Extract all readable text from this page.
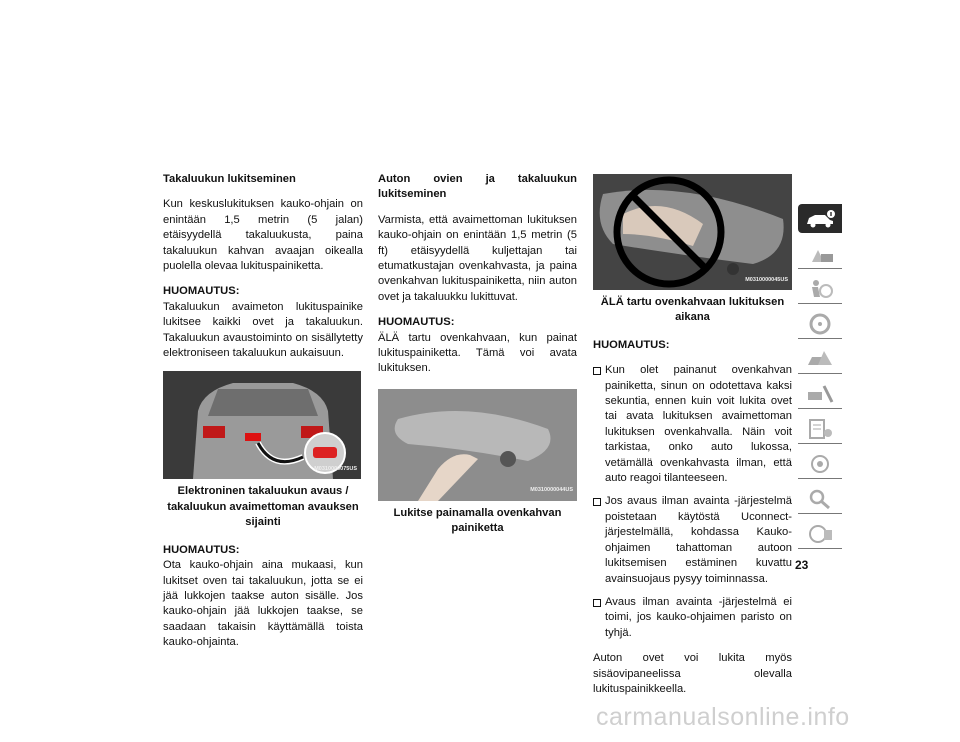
Takaluukun lukitseminen

Kun keskuslukituksen kauko-ohjain on enintään 1,5 metrin (5 jalan) etäisyydellä takaluukusta, paina takaluukun kahvan avaajan oikealla puolella olevaa lukituspainiketta.

HUOMAUTUS:
Takaluukun avaimeton lukituspainike lukitsee kaikki ovet ja takaluukun. Takaluukun avaustoiminto on sisällytetty elektroniseen takaluukun aukaisuun.

M0310000075US
Elektroninen takaluukun avaus / takaluukun avaimettoman avauksen sijainti

HUOMAUTUS:
Ota kauko-ohjain aina mukaasi, kun lukitset oven tai takaluukun, jotta se ei jää lukkojen taakse auton sisälle. Jos kauko-ohjain jää lukkojen taakse, se saadaan takaisin käyttämällä toista kauko-ohjainta.

Auton ovien ja takaluukun lukitseminen

Varmista, että avaimettoman lukituksen kauko-ohjain on enintään 1,5 metrin (5 ft) etäisyydellä kuljettajan tai etumatkustajan ovenkahvasta, ja paina ovenkahvan lukituspainiketta, niin auton ovet ja takaluukku lukittuvat.

HUOMAUTUS:
ÄLÄ tartu ovenkahvaan, kun painat lukituspainiketta. Tämä voi avata lukituksen.

M0310000044US
Lukitse painamalla ovenkahvan painiketta
M0310000045US
ÄLÄ tartu ovenkahvaan lukituksen aikana
HUOMAUTUS:
Kun olet painanut ovenkahvan painiketta, sinun on odotettava kaksi sekuntia, ennen kuin voit lukita ovet tai avata lukituksen avaimettoman lukituksen ovenkahvalla. Näin voit tarkistaa, onko auto lukossa, vetämällä ovenkahvasta ilman, että auto reagoi tilanteeseen.
Jos avaus ilman avainta -järjestelmä poistetaan käytöstä Uconnect-järjestelmällä, kohdassa Kauko-ohjaimen tahattoman autoon lukitsemisen estäminen kuvattu avainsuojaus pysyy toiminnassa.
Avaus ilman avainta -järjestelmä ei toimi, jos kauko-ohjaimen paristo on tyhjä.

Auton ovet voi lukita myös sisäovipaneelissa olevalla lukituspainikkeella.

23
carmanualsonline.info
